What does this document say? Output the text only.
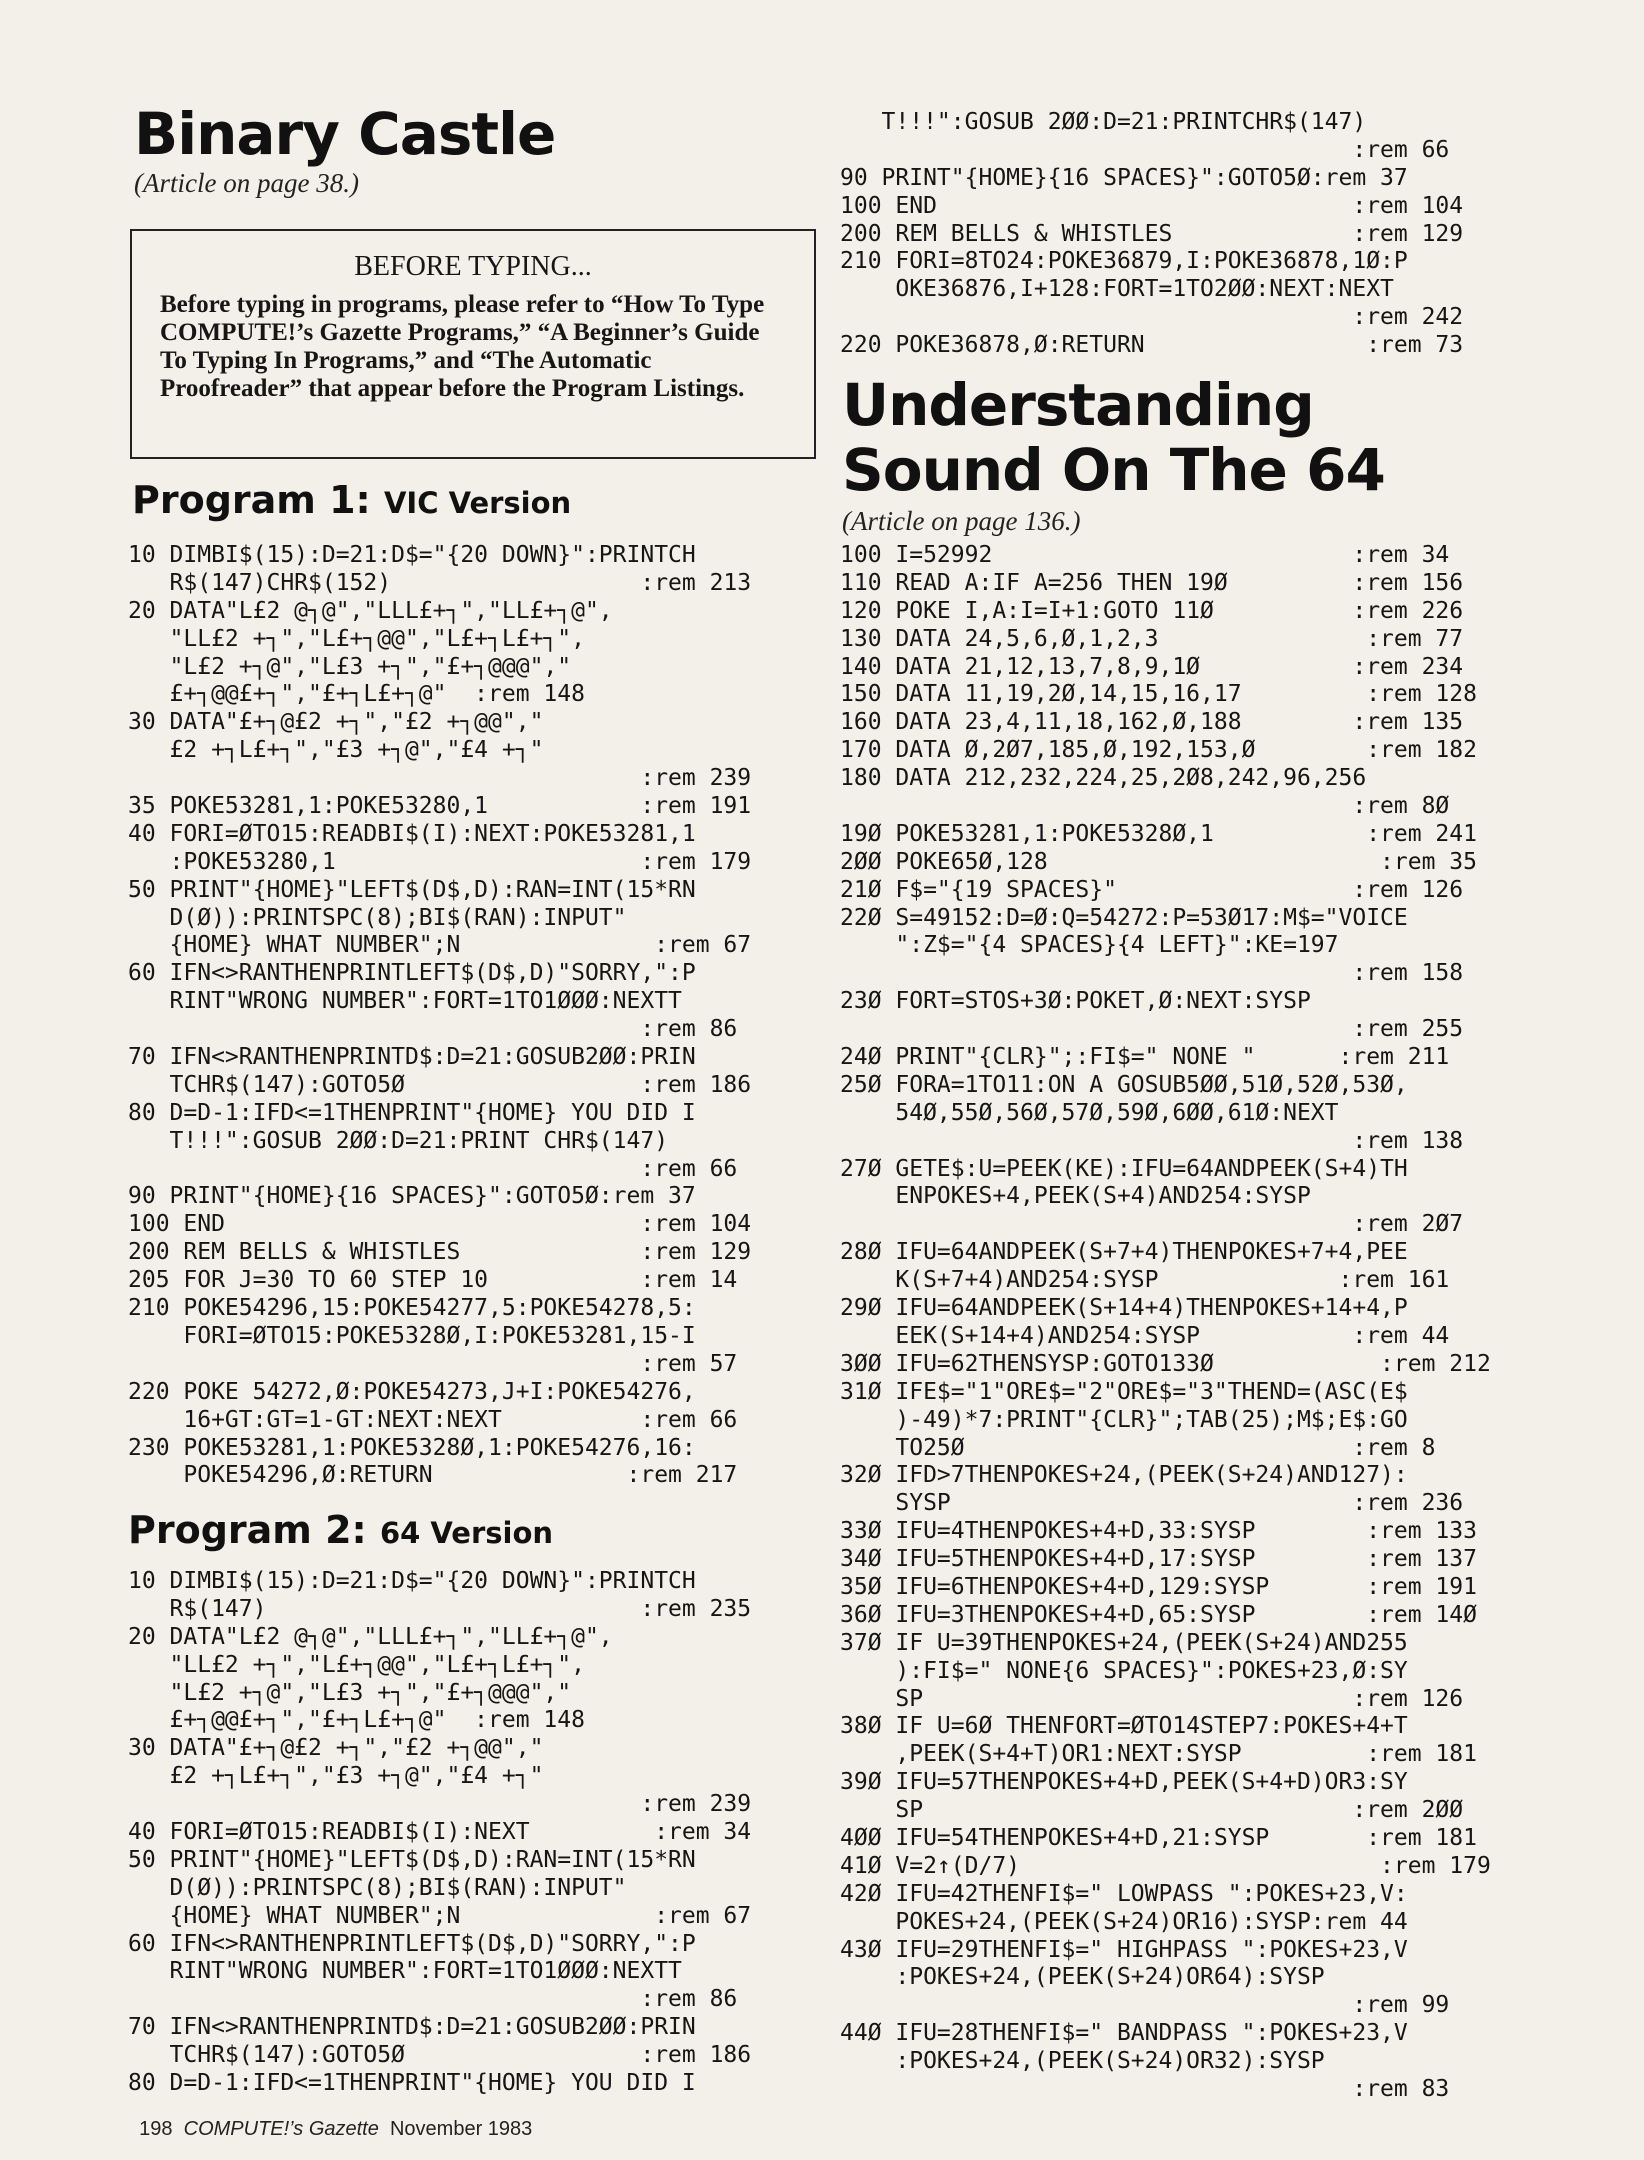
Binary Castle

(Article on page 38.)

BEFORE TYPING...

Before typing in programs, please refer to “How To Type COMPUTE!’s Gazette Programs,” “A Beginner’s Guide To Typing In Programs,” and “The Automatic Proofreader” that appear before the Program Listings.

Program 1: VIC Version
10 DIMBI$(15):D=21:D$="{20 DOWN}":PRINTCH
R$(147)CHR$(152)                  :rem 213
20 DATA"L£2 @┐@","LLL£+┐","LL£+┐@",
"LL£2 +┐","L£+┐@@","L£+┐L£+┐",
"L£2 +┐@","L£3 +┐","£+┐@@@","
£+┐@@£+┐","£+┐L£+┐@"  :rem 148
30 DATA"£+┐@£2 +┐","£2 +┐@@","
£2 +┐L£+┐","£3 +┐@","£4 +┐"
:rem 239
35 POKE53281,1:POKE53280,1           :rem 191
40 FORI=ØTO15:READBI$(I):NEXT:POKE53281,1
:POKE53280,1                      :rem 179
50 PRINT"{HOME}"LEFT$(D$,D):RAN=INT(15*RN
D(Ø)):PRINTSPC(8);BI$(RAN):INPUT"
{HOME} WHAT NUMBER";N              :rem 67
60 IFN<>RANTHENPRINTLEFT$(D$,D)"SORRY,":P
RINT"WRONG NUMBER":FORT=1TO1ØØØ:NEXTT
:rem 86
70 IFN<>RANTHENPRINTD$:D=21:GOSUB2ØØ:PRIN
TCHR$(147):GOTO5Ø                 :rem 186
80 D=D-1:IFD<=1THENPRINT"{HOME} YOU DID I
T!!!":GOSUB 2ØØ:D=21:PRINT CHR$(147)
:rem 66
90 PRINT"{HOME}{16 SPACES}":GOTO5Ø:rem 37
100 END                              :rem 104
200 REM BELLS & WHISTLES             :rem 129
205 FOR J=30 TO 60 STEP 10           :rem 14
210 POKE54296,15:POKE54277,5:POKE54278,5:
FORI=ØTO15:POKE5328Ø,I:POKE53281,15-I
:rem 57
220 POKE 54272,Ø:POKE54273,J+I:POKE54276,
16+GT:GT=1-GT:NEXT:NEXT          :rem 66
230 POKE53281,1:POKE5328Ø,1:POKE54276,16:
POKE54296,Ø:RETURN              :rem 217
Program 2: 64 Version
10 DIMBI$(15):D=21:D$="{20 DOWN}":PRINTCH
R$(147)                           :rem 235
20 DATA"L£2 @┐@","LLL£+┐","LL£+┐@",
"LL£2 +┐","L£+┐@@","L£+┐L£+┐",
"L£2 +┐@","L£3 +┐","£+┐@@@","
£+┐@@£+┐","£+┐L£+┐@"  :rem 148
30 DATA"£+┐@£2 +┐","£2 +┐@@","
£2 +┐L£+┐","£3 +┐@","£4 +┐"
:rem 239
40 FORI=ØTO15:READBI$(I):NEXT         :rem 34
50 PRINT"{HOME}"LEFT$(D$,D):RAN=INT(15*RN
D(Ø)):PRINTSPC(8);BI$(RAN):INPUT"
{HOME} WHAT NUMBER";N              :rem 67
60 IFN<>RANTHENPRINTLEFT$(D$,D)"SORRY,":P
RINT"WRONG NUMBER":FORT=1TO1ØØØ:NEXTT
:rem 86
70 IFN<>RANTHENPRINTD$:D=21:GOSUB2ØØ:PRIN
TCHR$(147):GOTO5Ø                 :rem 186
80 D=D-1:IFD<=1THENPRINT"{HOME} YOU DID I
T!!!":GOSUB 2ØØ:D=21:PRINTCHR$(147)
:rem 66
90 PRINT"{HOME}{16 SPACES}":GOTO5Ø:rem 37
100 END                              :rem 104
200 REM BELLS & WHISTLES             :rem 129
210 FORI=8TO24:POKE36879,I:POKE36878,1Ø:P
OKE36876,I+128:FORT=1TO2ØØ:NEXT:NEXT
:rem 242
220 POKE36878,Ø:RETURN                :rem 73
Understanding
Sound On The 64

(Article on page 136.)

100 I=52992                          :rem 34
110 READ A:IF A=256 THEN 19Ø         :rem 156
120 POKE I,A:I=I+1:GOTO 11Ø          :rem 226
130 DATA 24,5,6,Ø,1,2,3               :rem 77
140 DATA 21,12,13,7,8,9,1Ø           :rem 234
150 DATA 11,19,2Ø,14,15,16,17         :rem 128
160 DATA 23,4,11,18,162,Ø,188        :rem 135
170 DATA Ø,2Ø7,185,Ø,192,153,Ø        :rem 182
180 DATA 212,232,224,25,2Ø8,242,96,256
:rem 8Ø
19Ø POKE53281,1:POKE5328Ø,1           :rem 241
2ØØ POKE65Ø,128                        :rem 35
21Ø F$="{19 SPACES}"                 :rem 126
22Ø S=49152:D=Ø:Q=54272:P=53Ø17:M$="VOICE
":Z$="{4 SPACES}{4 LEFT}":KE=197
:rem 158
23Ø FORT=STOS+3Ø:POKET,Ø:NEXT:SYSP
:rem 255
24Ø PRINT"{CLR}";:FI$=" NONE "      :rem 211
25Ø FORA=1TO11:ON A GOSUB5ØØ,51Ø,52Ø,53Ø,
54Ø,55Ø,56Ø,57Ø,59Ø,6ØØ,61Ø:NEXT
:rem 138
27Ø GETE$:U=PEEK(KE):IFU=64ANDPEEK(S+4)TH
ENPOKES+4,PEEK(S+4)AND254:SYSP
:rem 2Ø7
28Ø IFU=64ANDPEEK(S+7+4)THENPOKES+7+4,PEE
K(S+7+4)AND254:SYSP             :rem 161
29Ø IFU=64ANDPEEK(S+14+4)THENPOKES+14+4,P
EEK(S+14+4)AND254:SYSP           :rem 44
3ØØ IFU=62THENSYSP:GOTO133Ø            :rem 212
31Ø IFE$="1"ORE$="2"ORE$="3"THEND=(ASC(E$
)-49)*7:PRINT"{CLR}";TAB(25);M$;E$:GO
TO25Ø                            :rem 8
32Ø IFD>7THENPOKES+24,(PEEK(S+24)AND127):
SYSP                             :rem 236
33Ø IFU=4THENPOKES+4+D,33:SYSP        :rem 133
34Ø IFU=5THENPOKES+4+D,17:SYSP        :rem 137
35Ø IFU=6THENPOKES+4+D,129:SYSP       :rem 191
36Ø IFU=3THENPOKES+4+D,65:SYSP        :rem 14Ø
37Ø IF U=39THENPOKES+24,(PEEK(S+24)AND255
):FI$=" NONE{6 SPACES}":POKES+23,Ø:SY
SP                               :rem 126
38Ø IF U=6Ø THENFORT=ØTO14STEP7:POKES+4+T
,PEEK(S+4+T)OR1:NEXT:SYSP         :rem 181
39Ø IFU=57THENPOKES+4+D,PEEK(S+4+D)OR3:SY
SP                               :rem 2ØØ
4ØØ IFU=54THENPOKES+4+D,21:SYSP       :rem 181
41Ø V=2↑(D/7)                          :rem 179
42Ø IFU=42THENFI$=" LOWPASS ":POKES+23,V:
POKES+24,(PEEK(S+24)OR16):SYSP:rem 44
43Ø IFU=29THENFI$=" HIGHPASS ":POKES+23,V
:POKES+24,(PEEK(S+24)OR64):SYSP
:rem 99
44Ø IFU=28THENFI$=" BANDPASS ":POKES+23,V
:POKES+24,(PEEK(S+24)OR32):SYSP
:rem 83

198 COMPUTE!’s Gazette November 1983
